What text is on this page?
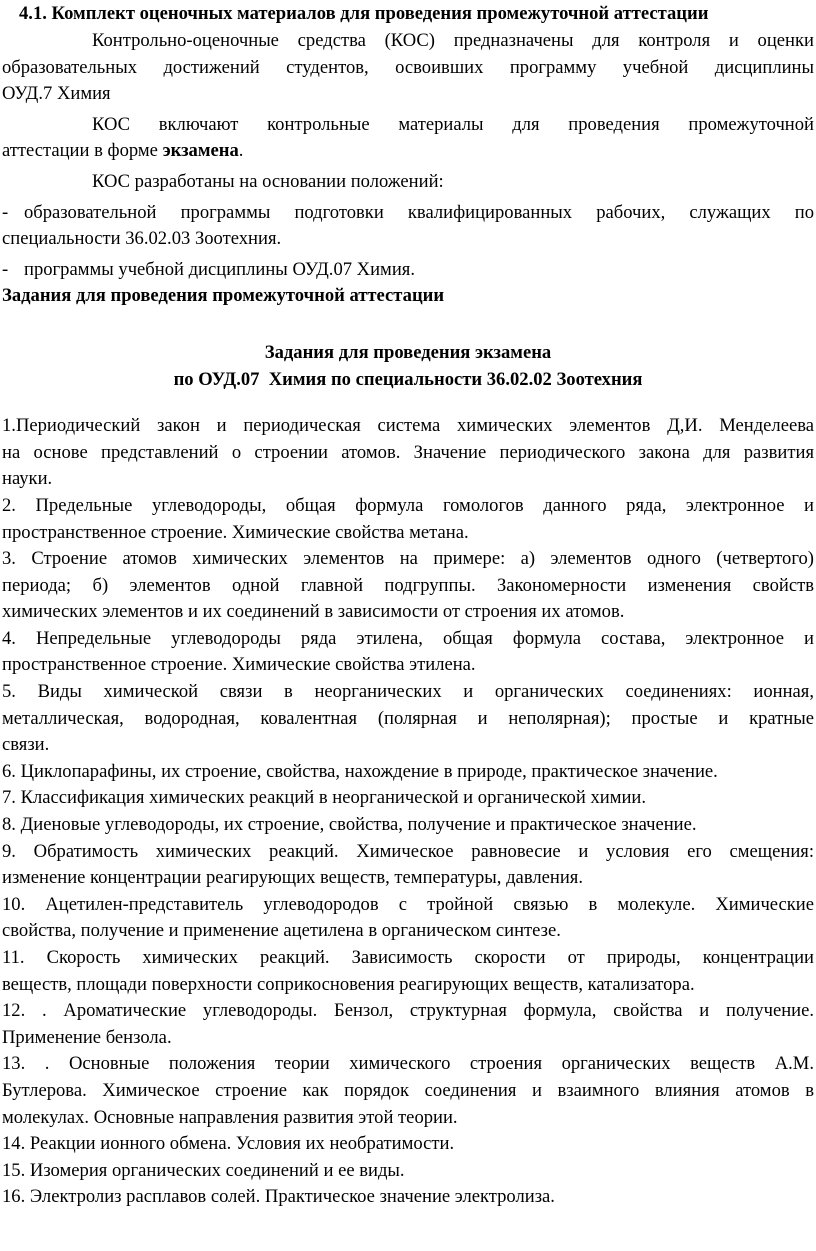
4.1. Комплект оценочных материалов для проведения промежуточной аттестации
Контрольно-оценочные средства (КОС) предназначены для контроля и оценки
образовательных достижений студентов, освоивших программу учебной дисциплины
ОУД.7 Химия
КОС включают контрольные материалы для проведения промежуточной
аттестации в форме экзамена.
КОС разработаны на основании положений:
- образовательной программы подготовки квалифицированных рабочих, служащих по
специальности 36.02.03 Зоотехния.
- программы учебной дисциплины ОУД.07 Химия.
Задания для проведения промежуточной аттестации
Задания для проведения экзамена
по ОУД.07  Химия по специальности 36.02.02 Зоотехния
1.Периодический закон и периодическая система химических элементов Д,И. Менделеева
на основе представлений о строении атомов. Значение периодического закона для развития
науки.
2. Предельные углеводороды, общая формула гомологов данного ряда, электронное и
пространственное строение. Химические свойства метана.
3. Строение атомов химических элементов на примере: а) элементов одного (четвертого)
периода; б) элементов одной главной подгруппы. Закономерности изменения свойств
химических элементов и их соединений в зависимости от строения их атомов.
4. Непредельные углеводороды ряда этилена, общая формула состава, электронное и
пространственное строение. Химические свойства этилена.
5. Виды химической связи в неорганических и органических соединениях: ионная,
металлическая, водородная, ковалентная (полярная и неполярная); простые и кратные
связи.
6. Циклопарафины, их строение, свойства, нахождение в природе, практическое значение.
7. Классификация химических реакций в неорганической и органической химии.
8. Диеновые углеводороды, их строение, свойства, получение и практическое значение.
9. Обратимость химических реакций. Химическое равновесие и условия его смещения:
изменение концентрации реагирующих веществ, температуры, давления.
10. Ацетилен-представитель углеводородов с тройной связью в молекуле. Химические
свойства, получение и применение ацетилена в органическом синтезе.
11. Скорость химических реакций. Зависимость скорости от природы, концентрации
веществ, площади поверхности соприкосновения реагирующих веществ, катализатора.
12. . Ароматические углеводороды. Бензол, структурная формула, свойства и получение.
Применение бензола.
13. . Основные положения теории химического строения органических веществ А.М.
Бутлерова. Химическое строение как порядок соединения и взаимного влияния атомов в
молекулах. Основные направления развития этой теории.
14. Реакции ионного обмена. Условия их необратимости.
15. Изомерия органических соединений и ее виды.
16. Электролиз расплавов солей. Практическое значение электролиза.
